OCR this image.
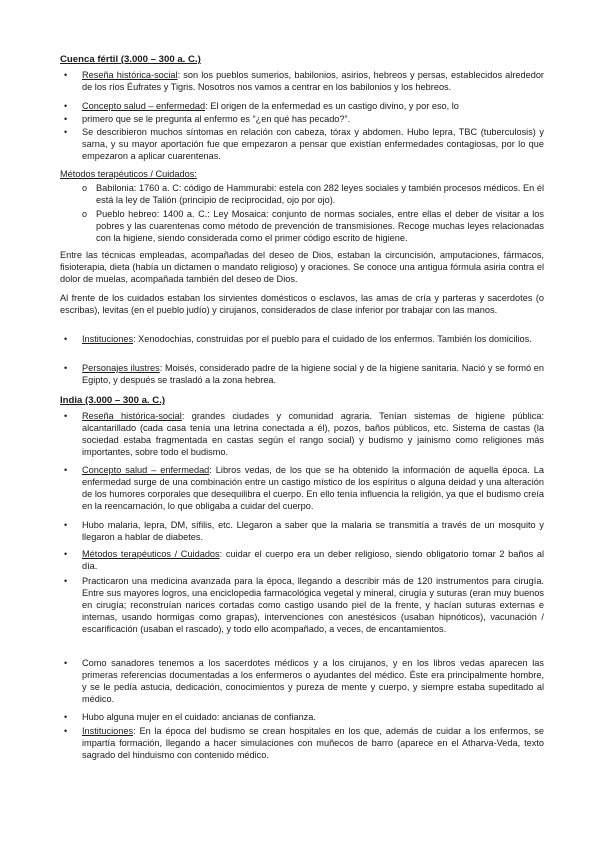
Cuenca fértil (3.000 – 300 a. C.)
• Reseña histórica-social: son los pueblos sumerios, babilonios, asirios, hebreos y persas, establecidos alrededor de los ríos Éufrates y Tigris. Nosotros nos vamos a centrar en los babilonios y los hebreos.
• Concepto salud – enfermedad: El origen de la enfermedad es un castigo divino, y por eso, lo
• primero que se le pregunta al enfermo es “¿en qué has pecado?”.
• Se describieron muchos síntomas en relación con cabeza, tórax y abdomen. Hubo lepra, TBC (tuberculosis) y sarna, y su mayor aportación fue que empezaron a pensar que existían enfermedades contagiosas, por lo que empezaron a aplicar cuarentenas.
Métodos terapéuticos / Cuidados:
o Babilonia: 1760 a. C: código de Hammurabi: estela con 282 leyes sociales y también procesos médicos. En él está la ley de Talión (principio de reciprocidad, ojo por ojo).
o Pueblo hebreo: 1400 a. C.: Ley Mosaica: conjunto de normas sociales, entre ellas el deber de visitar a los pobres y las cuarentenas como método de prevención de transmisiones. Recoge muchas leyes relacionadas con la higiene, siendo considerada como el primer código escrito de higiene.
Entre las técnicas empleadas, acompañadas del deseo de Dios, estaban la circuncisión, amputaciones, fármacos, fisioterapia, dieta (había un dictamen o mandato religioso) y oraciones. Se conoce una antigua fórmula asiria contra el dolor de muelas, acompañada también del deseo de Dios.
Al frente de los cuidados estaban los sirvientes domésticos o esclavos, las amas de cría y parteras y sacerdotes (o escribas), levitas (en el pueblo judío) y cirujanos, considerados de clase inferior por trabajar con las manos.
• Instituciones: Xenodochias, construidas por el pueblo para el cuidado de los enfermos. También los domicilios.
• Personajes ilustres: Moisés, considerado padre de la higiene social y de la higiene sanitaria. Nació y se formó en Egipto, y después se trasladó a la zona hebrea.
India (3.000 – 300 a. C.)
• Reseña histórica-social: grandes ciudades y comunidad agraria. Tenían sistemas de higiene pública: alcantarillado (cada casa tenía una letrina conectada a él), pozos, baños públicos, etc. Sistema de castas (la sociedad estaba fragmentada en castas según el rango social) y budismo y jainismo como religiones más importantes, sobre todo el budismo.
• Concepto salud – enfermedad: Libros vedas, de los que se ha obtenido la información de aquella época. La enfermedad surge de una combinación entre un castigo místico de los espíritus o alguna deidad y una alteración de los humores corporales que desequilibra el cuerpo. En ello tenía influencia la religión, ya que el budismo creía en la reencarnación, lo que obligaba a cuidar del cuerpo.
• Hubo malaria, lepra, DM, sífilis, etc. Llegaron a saber que la malaria se transmitía a través de un mosquito y llegaron a hablar de diabetes.
• Métodos terapéuticos / Cuidados: cuidar el cuerpo era un deber religioso, siendo obligatorio tomar 2 baños al día.
• Practicaron una medicina avanzada para la época, llegando a describir más de 120 instrumentos para cirugía. Entre sus mayores logros, una enciclopedia farmacológica vegetal y mineral, cirugía y suturas (eran muy buenos en cirugía; reconstruían narices cortadas como castigo usando piel de la frente, y hacían suturas externas e internas, usando hormigas como grapas), intervenciones con anestésicos (usaban hipnóticos), vacunación / escarificación (usaban el rascado), y todo ello acompañado, a veces, de encantamientos.
• Como sanadores tenemos a los sacerdotes médicos y a los cirujanos, y en los libros vedas aparecen las primeras referencias documentadas a los enfermeros o ayudantes del médico. Éste era principalmente hombre, y se le pedía astucia, dedicación, conocimientos y pureza de mente y cuerpo, y siempre estaba supeditado al médico.
• Hubo alguna mujer en el cuidado: ancianas de confianza.
• Instituciones: En la época del budismo se crean hospitales en los que, además de cuidar a los enfermos, se impartía formación, llegando a hacer simulaciones con muñecos de barro (aparece en el Atharva-Veda, texto sagrado del hinduismo con contenido médico.
